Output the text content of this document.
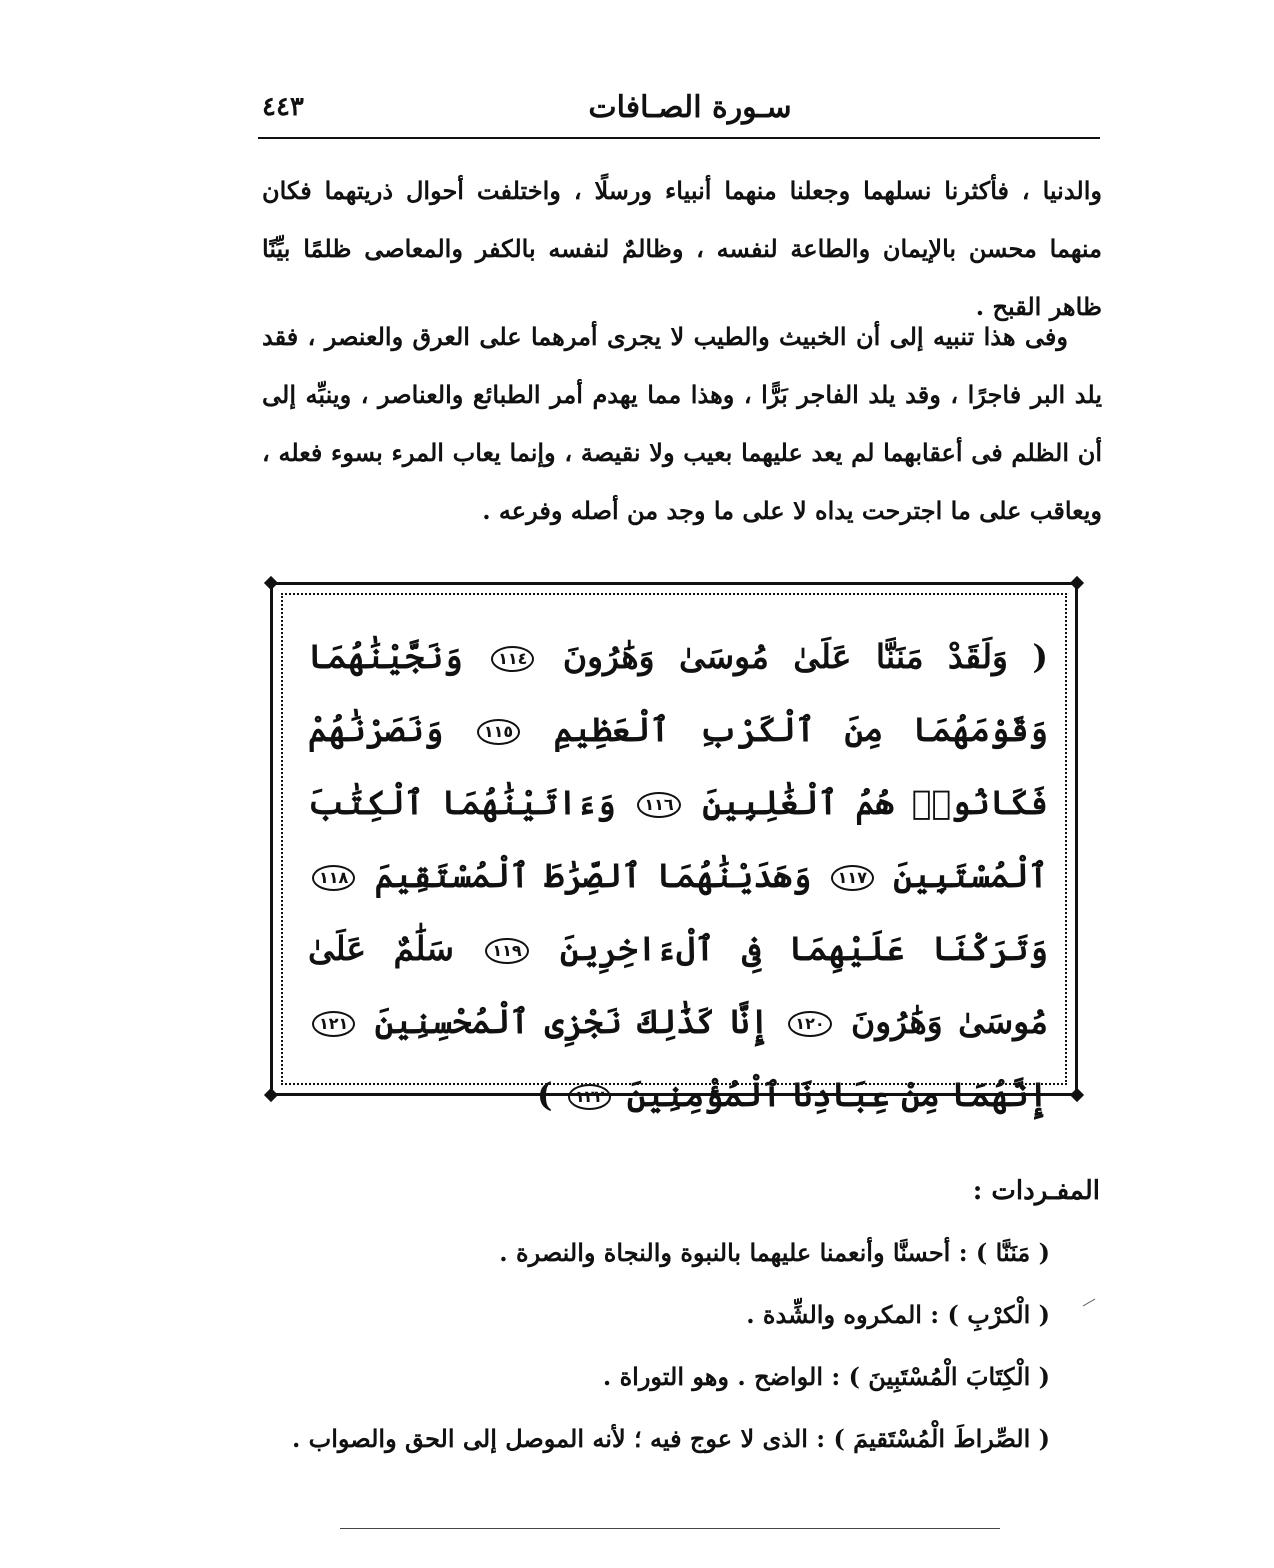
٤٤٣	سـورة الصـافات

والدنيا ، فأكثرنا نسلهما وجعلنا منهما أنبياء ورسلًا ، واختلفت أحوال ذريتهما فكان منهما محسن بالإيمان والطاعة لنفسه ، وظالمٌ لنفسه بالكفر والمعاصى ظلمًا بيِّنًا ظاهر القبح .

وفى هذا تنبيه إلى أن الخبيث والطيب لا يجرى أمرهما على العرق والعنصر ، فقد يلد البر فاجرًا ، وقد يلد الفاجر بَرًّا ، وهذا مما يهدم أمر الطبائع والعناصر ، وينبِّه إلى أن الظلم فى أعقابهما لم يعد عليهما بعيب ولا نقيصة ، وإنما يعاب المرء بسوء فعله ، ويعاقب على ما اجترحت يداه لا على ما وجد من أصله وفرعه .

( وَلَقَدْ مَنَنَّا عَلَىٰ مُوسَىٰ وَهَٰرُونَ ١١٤ وَنَجَّيْنَٰهُمَا وَقَوْمَهُمَا مِنَ ٱلْكَرْبِ ٱلْعَظِيمِ ١١٥ وَنَصَرْنَٰهُمْ فَكَانُوا۟ هُمُ ٱلْغَٰلِبِينَ ١١٦ وَءَاتَيْنَٰهُمَا ٱلْكِتَٰبَ ٱلْمُسْتَبِينَ ١١٧ وَهَدَيْنَٰهُمَا ٱلصِّرَٰطَ ٱلْمُسْتَقِيمَ ١١٨ وَتَرَكْنَا عَلَيْهِمَا فِى ٱلْءَاخِرِينَ ١١٩ سَلَٰمٌ عَلَىٰ مُوسَىٰ وَهَٰرُونَ ١٢٠ إِنَّا كَذَٰلِكَ نَجْزِى ٱلْمُحْسِنِينَ ١٢١ إِنَّهُمَا مِنْ عِبَادِنَا ٱلْمُؤْمِنِينَ ١٢٢ )
المفـردات :
( مَنَنَّا ) : أحسنَّا وأنعمنا عليهما بالنبوة والنجاة والنصرة .
( الْكرْبِ ) : المكروه والشِّدة .
( الْكِتَابَ الْمُسْتَبِينَ ) : الواضح . وهو التوراة .
( الصِّراطَ الْمُسْتَقيمَ ) : الذى لا عوج فيه ؛ لأنه الموصل إلى الحق والصواب .
